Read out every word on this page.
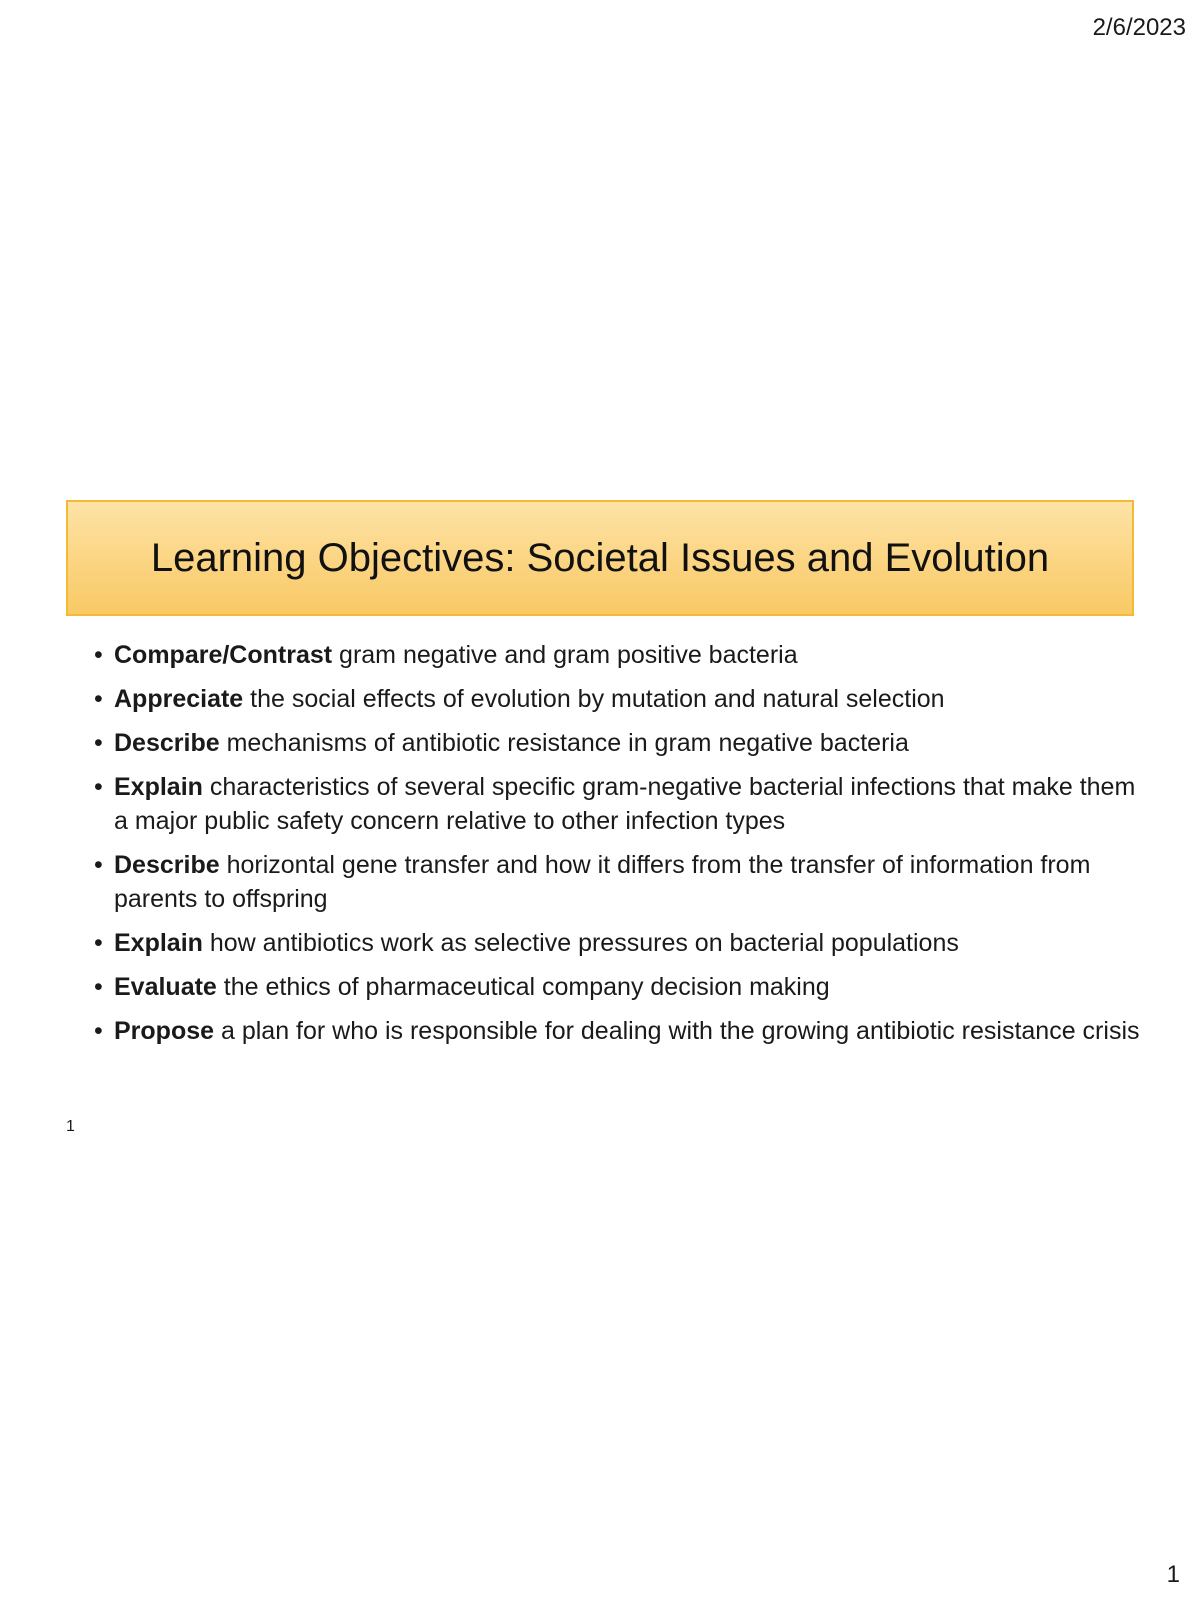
2/6/2023
Learning Objectives: Societal Issues and Evolution
• Compare/Contrast gram negative and gram positive bacteria
• Appreciate the social effects of evolution by mutation and natural selection
• Describe mechanisms of antibiotic resistance in gram negative bacteria
• Explain characteristics of several specific gram-negative bacterial infections that make them a major public safety concern relative to other infection types
• Describe horizontal gene transfer and how it differs from the transfer of information from parents to offspring
• Explain how antibiotics work as selective pressures on bacterial populations
• Evaluate the ethics of pharmaceutical company decision making
• Propose a plan for who is responsible for dealing with the growing antibiotic resistance crisis
1
1
